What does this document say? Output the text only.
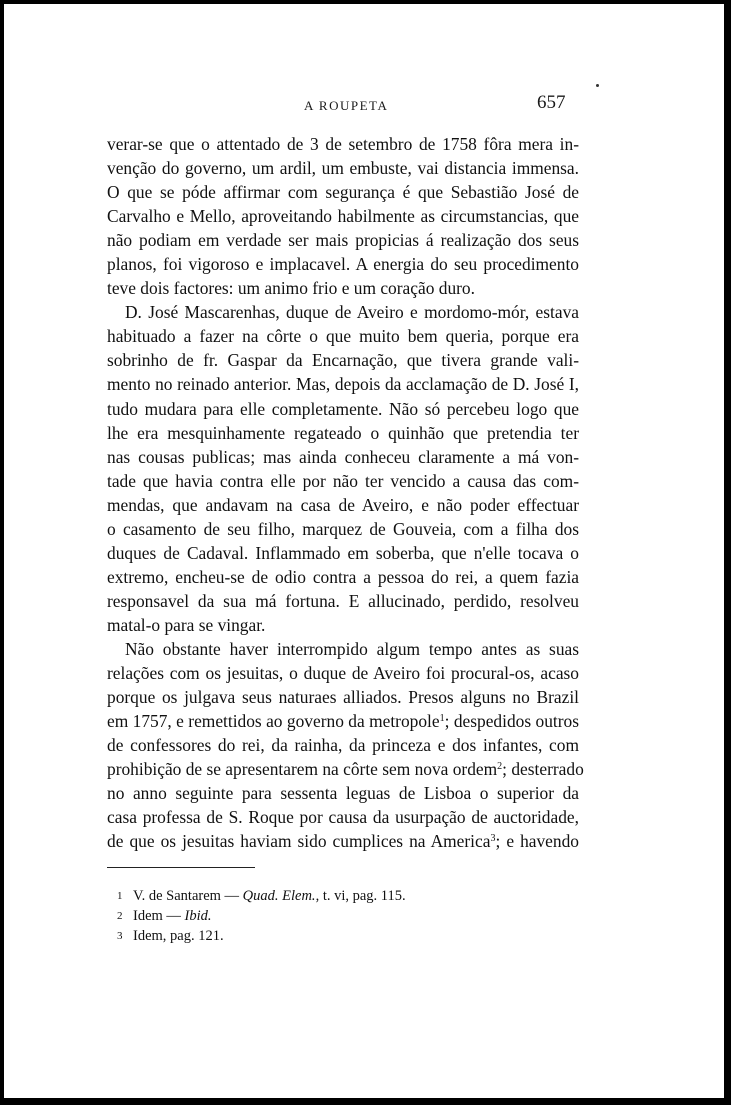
A ROUPETA	657
verar-se que o attentado de 3 de setembro de 1758 fôra mera in-
venção do governo, um ardil, um embuste, vai distancia immensa.
O que se póde affirmar com segurança é que Sebastião José de
Carvalho e Mello, aproveitando habilmente as circumstancias, que
não podiam em verdade ser mais propicias á realização dos seus
planos, foi vigoroso e implacavel. A energia do seu procedimento
teve dois factores: um animo frio e um coração duro.
D. José Mascarenhas, duque de Aveiro e mordomo-mór, estava
habituado a fazer na côrte o que muito bem queria, porque era
sobrinho de fr. Gaspar da Encarnação, que tivera grande vali-
mento no reinado anterior. Mas, depois da acclamação de D. José I,
tudo mudara para elle completamente. Não só percebeu logo que
lhe era mesquinhamente regateado o quinhão que pretendia ter
nas cousas publicas; mas ainda conheceu claramente a má von-
tade que havia contra elle por não ter vencido a causa das com-
mendas, que andavam na casa de Aveiro, e não poder effectuar
o casamento de seu filho, marquez de Gouveia, com a filha dos
duques de Cadaval. Inflammado em soberba, que n'elle tocava o
extremo, encheu-se de odio contra a pessoa do rei, a quem fazia
responsavel da sua má fortuna. E allucinado, perdido, resolveu
matal-o para se vingar.
Não obstante haver interrompido algum tempo antes as suas
relações com os jesuitas, o duque de Aveiro foi procural-os, acaso
porque os julgava seus naturaes alliados. Presos alguns no Brazil
em 1757, e remettidos ao governo da metropole$^1$; despedidos outros
de confessores do rei, da rainha, da princeza e dos infantes, com
prohibição de se apresentarem na côrte sem nova ordem$^2$; desterrado
no anno seguinte para sessenta leguas de Lisboa o superior da
casa professa de S. Roque por causa da usurpação de auctoridade,
de que os jesuitas haviam sido cumplices na America$^3$; e havendo
1 V. de Santarem — Quad. Elem., t. vi, pag. 115.
2 Idem — Ibid.
3 Idem, pag. 121.
